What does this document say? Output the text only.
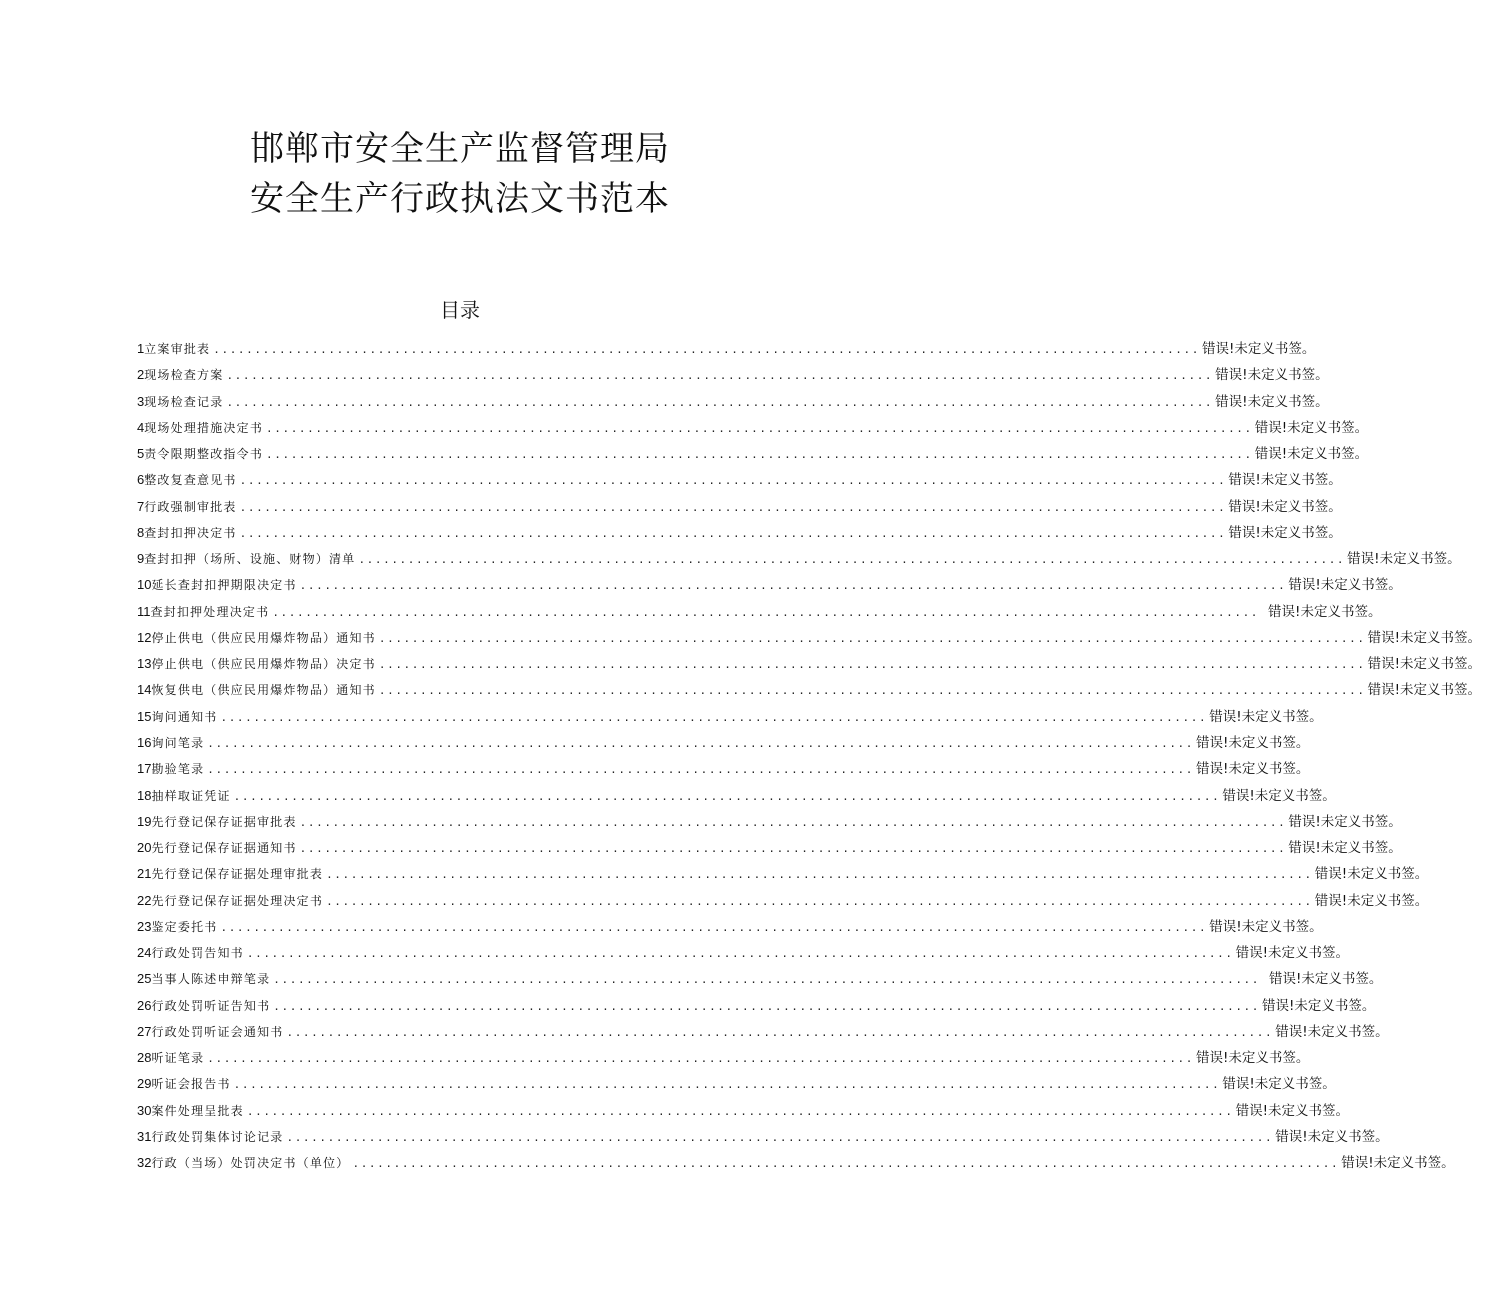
邯郸市安全生产监督管理局
安全生产行政执法文书范本
目录
1 立案审批表 ........................................................................................................................ 错误!未定义书签。
2 现场检查方案 ........................................................................................................................ 错误!未定义书签。
3 现场检查记录 ........................................................................................................................ 错误!未定义书签。
4 现场处理措施决定书 ........................................................................................................................ 错误!未定义书签。
5 责令限期整改指令书 ........................................................................................................................ 错误!未定义书签。
6 整改复查意见书 ........................................................................................................................ 错误!未定义书签。
7 行政强制审批表 ........................................................................................................................ 错误!未定义书签。
8 查封扣押决定书 ........................................................................................................................ 错误!未定义书签。
9 查封扣押（场所、设施、财物）清单 ........................................................................................................................ 错误!未定义书签。
10 延长查封扣押期限决定书 ........................................................................................................................ 错误!未定义书签。
11 查封扣押处理决定书 ........................................................................................................................ 错误!未定义书签。
12 停止供电（供应民用爆炸物品）通知书 ........................................................................................................................ 错误!未定义书签。
13 停止供电（供应民用爆炸物品）决定书 ........................................................................................................................ 错误!未定义书签。
14 恢复供电（供应民用爆炸物品）通知书 ........................................................................................................................ 错误!未定义书签。
15 询问通知书 ........................................................................................................................ 错误!未定义书签。
16 询问笔录 ........................................................................................................................ 错误!未定义书签。
17 勘验笔录 ........................................................................................................................ 错误!未定义书签。
18 抽样取证凭证 ........................................................................................................................ 错误!未定义书签。
19 先行登记保存证据审批表 ........................................................................................................................ 错误!未定义书签。
20 先行登记保存证据通知书 ........................................................................................................................ 错误!未定义书签。
21 先行登记保存证据处理审批表 ........................................................................................................................ 错误!未定义书签。
22 先行登记保存证据处理决定书 ........................................................................................................................ 错误!未定义书签。
23 鉴定委托书 ........................................................................................................................ 错误!未定义书签。
24 行政处罚告知书 ........................................................................................................................ 错误!未定义书签。
25 当事人陈述申辩笔录 ........................................................................................................................ 错误!未定义书签。
26 行政处罚听证告知书 ........................................................................................................................ 错误!未定义书签。
27 行政处罚听证会通知书 ........................................................................................................................ 错误!未定义书签。
28 听证笔录 ........................................................................................................................ 错误!未定义书签。
29 听证会报告书 ........................................................................................................................ 错误!未定义书签。
30 案件处理呈批表 ........................................................................................................................ 错误!未定义书签。
31 行政处罚集体讨论记录 ........................................................................................................................ 错误!未定义书签。
32 行政（当场）处罚决定书（单位） ........................................................................................................................ 错误!未定义书签。
